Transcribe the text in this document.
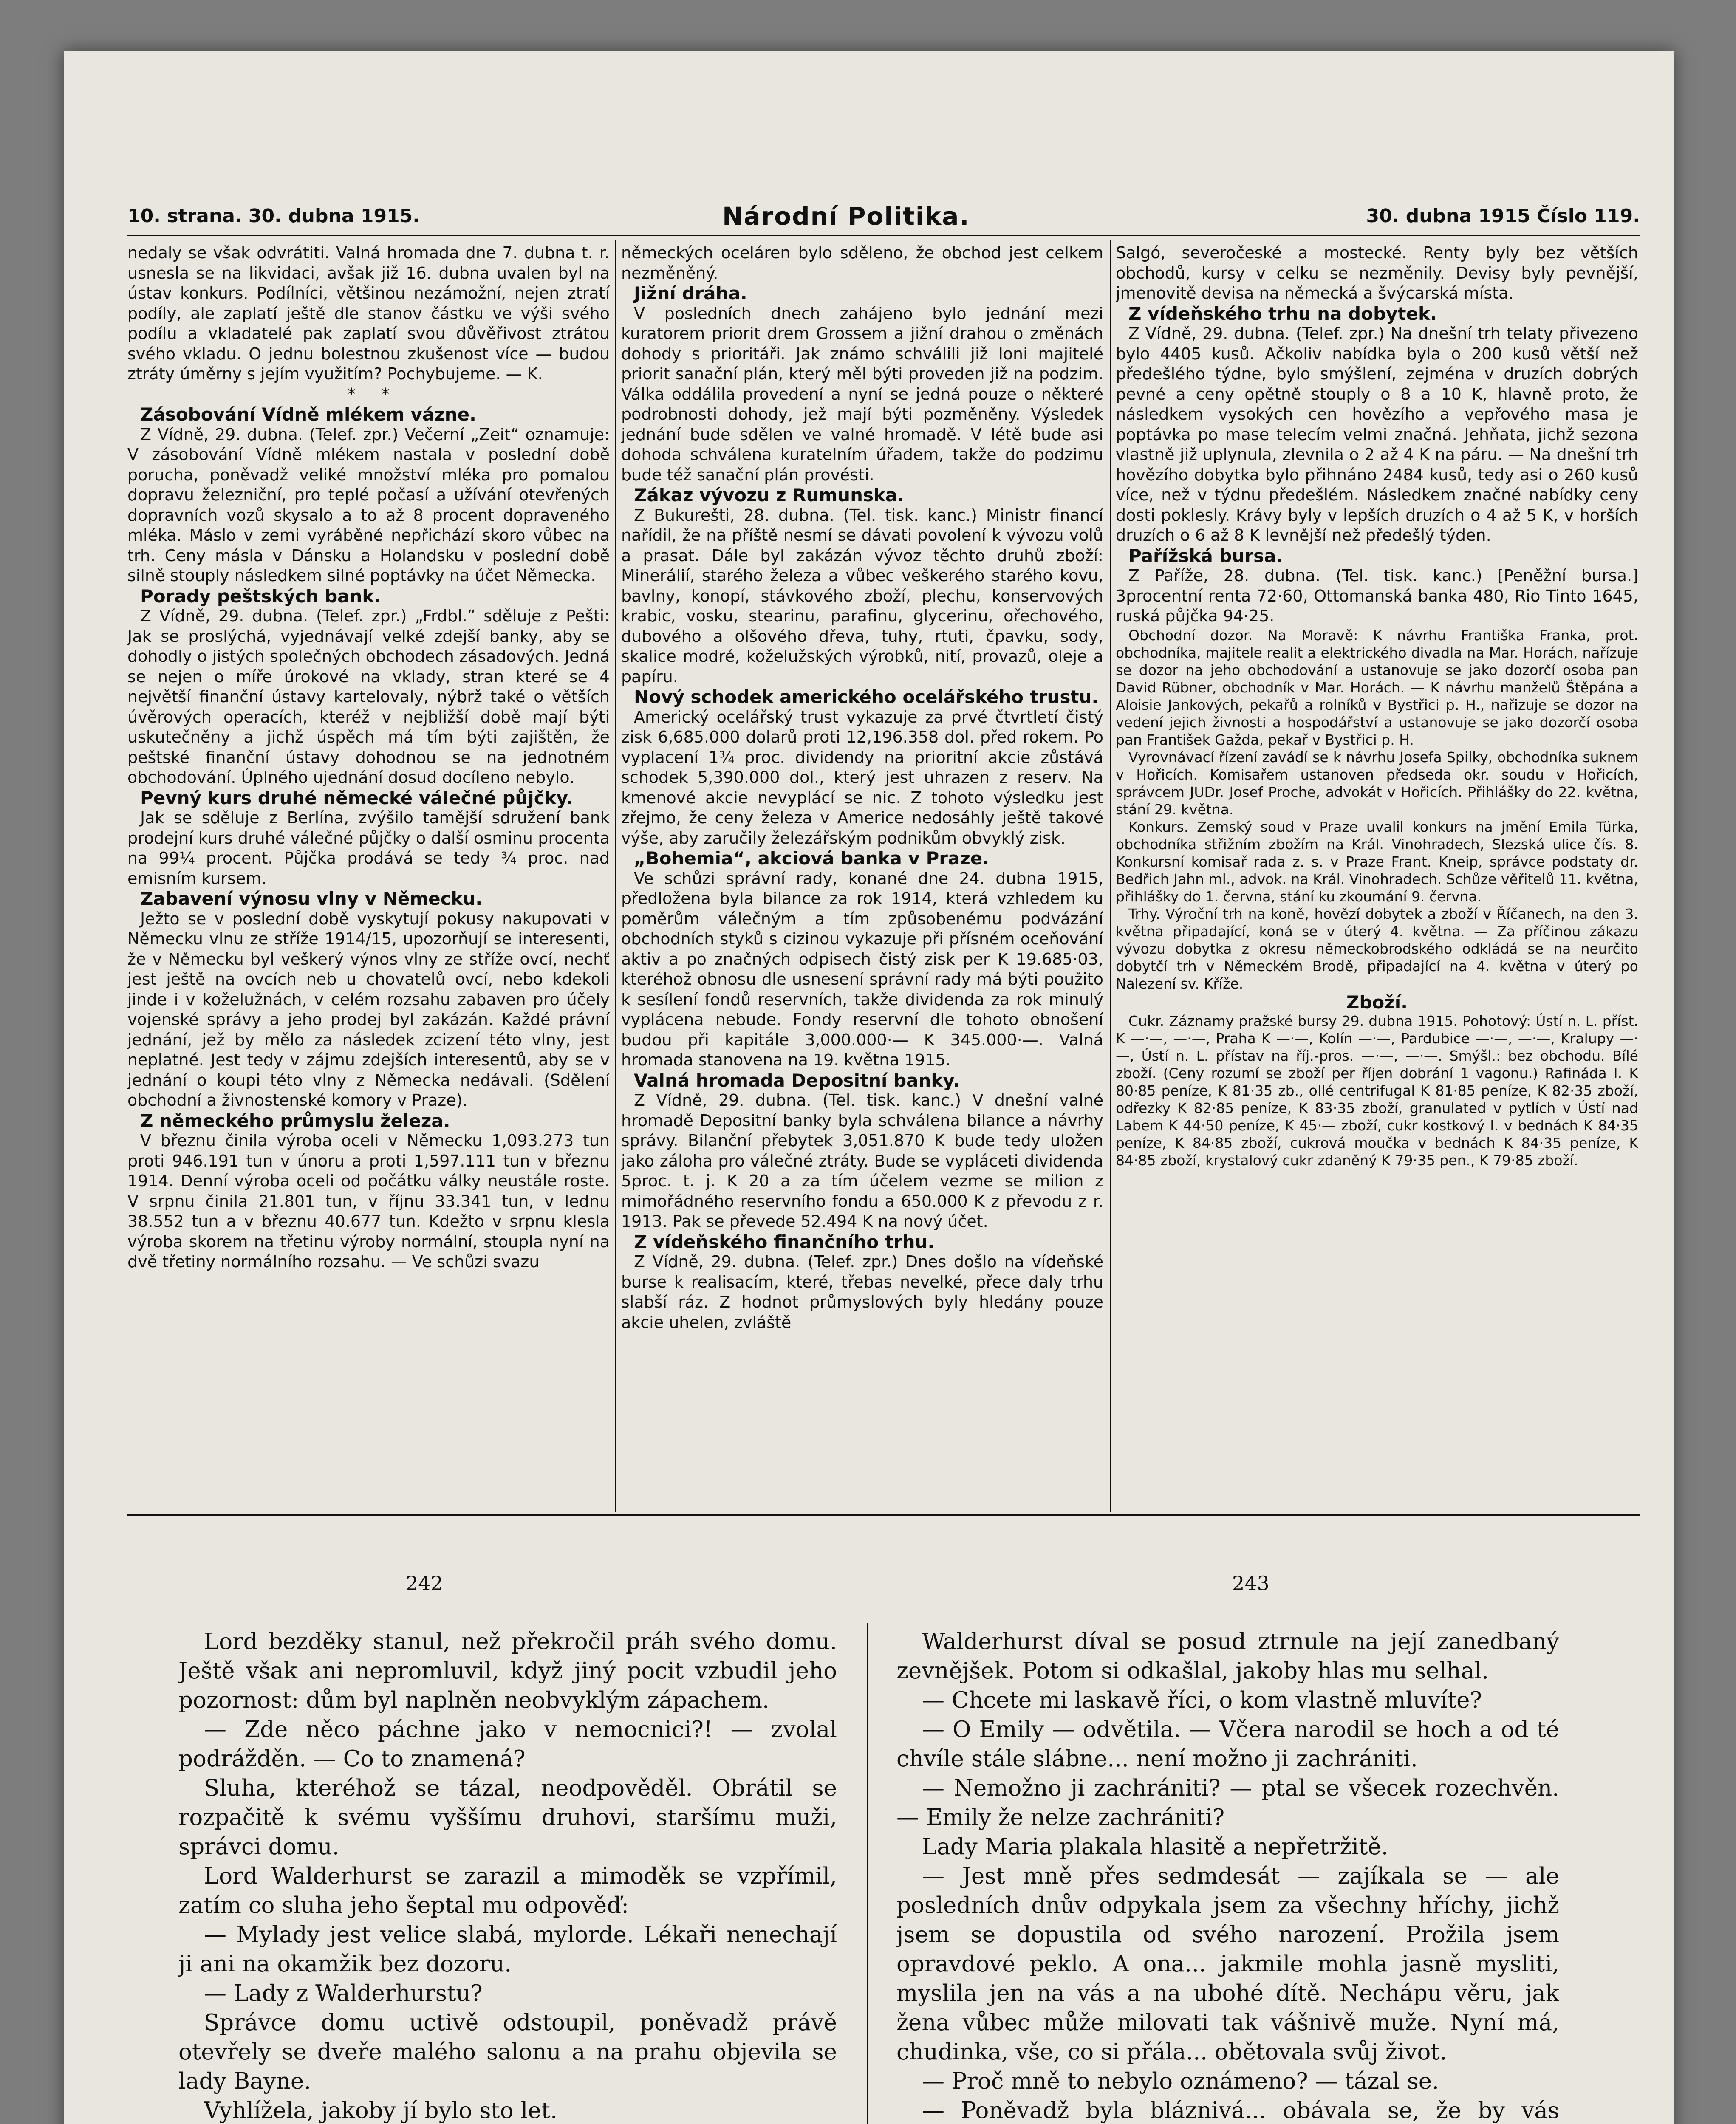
10. strana. 30. dubna 1915.	Národní Politika.	30. dubna 1915 Číslo 119.

nedaly se však odvrátiti. Valná hromada dne 7. dubna t. r. usnesla se na likvidaci, avšak již 16. dubna uvalen byl na ústav konkurs. Podílníci, většinou nezámožní, nejen ztratí podíly, ale zaplatí ještě dle stanov částku ve výši svého podílu a vkladatelé pak zaplatí svou důvěřivost ztrátou svého vkladu. O jednu bolestnou zkušenost více — budou ztráty úměrny s jejím využitím? Pochybujeme. — K.

*     *

Zásobování Vídně mlékem vázne.

Z Vídně, 29. dubna. (Telef. zpr.) Večerní „Zeit“ oznamuje: V zásobování Vídně mlékem nastala v poslední době porucha, poněvadž veliké množství mléka pro pomalou dopravu železniční, pro teplé počasí a užívání otevřených dopravních vozů skysalo a to až 8 procent dopraveného mléka. Máslo v zemi vyráběné nepřichází skoro vůbec na trh. Ceny másla v Dánsku a Holandsku v poslední době silně stouply následkem silné poptávky na účet Německa.

Porady peštských bank.

Z Vídně, 29. dubna. (Telef. zpr.) „Frdbl.“ sděluje z Pešti: Jak se proslýchá, vyjednávají velké zdejší banky, aby se dohodly o jistých společných obchodech zásadových. Jedná se nejen o míře úrokové na vklady, stran které se 4 největší finanční ústavy kartelovaly, nýbrž také o větších úvěrových operacích, kteréž v nejbližší době mají býti uskutečněny a jichž úspěch má tím býti zajištěn, že peštské finanční ústavy dohodnou se na jednotném obchodování. Úplného ujednání dosud docíleno nebylo.

Pevný kurs druhé německé válečné půjčky.

Jak se sděluje z Berlína, zvýšilo tamější sdružení bank prodejní kurs druhé válečné půjčky o další osminu procenta na 99¼ procent. Půjčka prodává se tedy ¾ proc. nad emisním kursem.

Zabavení výnosu vlny v Německu.

Ježto se v poslední době vyskytují pokusy nakupovati v Německu vlnu ze stříže 1914/15, upozorňují se interesenti, že v Německu byl veškerý výnos vlny ze stříže ovcí, nechť jest ještě na ovcích neb u chovatelů ovcí, nebo kdekoli jinde i v koželužnách, v celém rozsahu zabaven pro účely vojenské správy a jeho prodej byl zakázán. Každé právní jednání, jež by mělo za následek zcizení této vlny, jest neplatné. Jest tedy v zájmu zdejších interesentů, aby se v jednání o koupi této vlny z Německa nedávali. (Sdělení obchodní a živnostenské komory v Praze).

Z německého průmyslu železa.

V březnu činila výroba oceli v Německu 1,093.273 tun proti 946.191 tun v únoru a proti 1,597.111 tun v březnu 1914. Denní výroba oceli od počátku války neustále roste. V srpnu činila 21.801 tun, v říjnu 33.341 tun, v lednu 38.552 tun a v březnu 40.677 tun. Kdežto v srpnu klesla výroba skorem na třetinu výroby normální, stoupla nyní na dvě třetiny normálního rozsahu. — Ve schůzi svazu

německých oceláren bylo sděleno, že obchod jest celkem nezměněný.

Jižní dráha.

V posledních dnech zahájeno bylo jednání mezi kuratorem priorit drem Grossem a jižní drahou o změnách dohody s prioritáři. Jak známo schválili již loni majitelé priorit sanační plán, který měl býti proveden již na podzim. Válka oddálila provedení a nyní se jedná pouze o některé podrobnosti dohody, jež mají býti pozměněny. Výsledek jednání bude sdělen ve valné hromadě. V létě bude asi dohoda schválena kuratelním úřadem, takže do podzimu bude též sanační plán provésti.

Zákaz vývozu z Rumunska.

Z Bukurešti, 28. dubna. (Tel. tisk. kanc.) Ministr financí nařídil, že na příště nesmí se dávati povolení k vývozu volů a prasat. Dále byl zakázán vývoz těchto druhů zboží: Minerálií, starého železa a vůbec veškerého starého kovu, bavlny, konopí, stávkového zboží, plechu, konservových krabic, vosku, stearinu, parafinu, glycerinu, ořechového, dubového a olšového dřeva, tuhy, rtuti, čpavku, sody, skalice modré, koželužských výrobků, nití, provazů, oleje a papíru.

Nový schodek amerického ocelářského trustu.

Americký ocelářský trust vykazuje za prvé čtvrtletí čistý zisk 6,685.000 dolarů proti 12,196.358 dol. před rokem. Po vyplacení 1¾ proc. dividendy na prioritní akcie zůstává schodek 5,390.000 dol., který jest uhrazen z reserv. Na kmenové akcie nevyplácí se nic. Z tohoto výsledku jest zřejmo, že ceny železa v Americe nedosáhly ještě takové výše, aby zaručily železářským podnikům obvyklý zisk.

„Bohemia“, akciová banka v Praze.

Ve schůzi správní rady, konané dne 24. dubna 1915, předložena byla bilance za rok 1914, která vzhledem ku poměrům válečným a tím způsobenému podvázání obchodních styků s cizinou vykazuje při přísném oceňování aktiv a po značných odpisech čistý zisk per K 19.685·03, kteréhož obnosu dle usnesení správní rady má býti použito k sesílení fondů reservních, takže dividenda za rok minulý vyplácena nebude. Fondy reservní dle tohoto obnošení budou při kapitále 3,000.000·— K 345.000·—. Valná hromada stanovena na 19. května 1915.

Valná hromada Depositní banky.

Z Vídně, 29. dubna. (Tel. tisk. kanc.) V dnešní valné hromadě Depositní banky byla schválena bilance a návrhy správy. Bilanční přebytek 3,051.870 K bude tedy uložen jako záloha pro válečné ztráty. Bude se vypláceti dividenda 5proc. t. j. K 20 a za tím účelem vezme se milion z mimořádného reservního fondu a 650.000 K z převodu z r. 1913. Pak se převede 52.494 K na nový účet.

Z vídeňského finančního trhu.

Z Vídně, 29. dubna. (Telef. zpr.) Dnes došlo na vídeňské burse k realisacím, které, třebas nevelké, přece daly trhu slabší ráz. Z hodnot průmyslových byly hledány pouze akcie uhelen, zvláště

Salgó, severočeské a mostecké. Renty byly bez větších obchodů, kursy v celku se nezměnily. Devisy byly pevnější, jmenovitě devisa na německá a švýcarská místa.

Z vídeňského trhu na dobytek.

Z Vídně, 29. dubna. (Telef. zpr.) Na dnešní trh telaty přivezeno bylo 4405 kusů. Ačkoliv nabídka byla o 200 kusů větší než předešlého týdne, bylo smýšlení, zejména v druzích dobrých pevné a ceny opětně stouply o 8 a 10 K, hlavně proto, že následkem vysokých cen hovězího a vepřového masa je poptávka po mase telecím velmi značná. Jehňata, jichž sezona vlastně již uplynula, zlevnila o 2 až 4 K na páru. — Na dnešní trh hovězího dobytka bylo přihnáno 2484 kusů, tedy asi o 260 kusů více, než v týdnu předešlém. Následkem značné nabídky ceny dosti poklesly. Krávy byly v lepších druzích o 4 až 5 K, v horších druzích o 6 až 8 K levnější než předešlý týden.

Pařížská bursa.

Z Paříže, 28. dubna. (Tel. tisk. kanc.) [Peněžní bursa.] 3procentní renta 72·60, Ottomanská banka 480, Rio Tinto 1645, ruská půjčka 94·25.

Obchodní dozor. Na Moravě: K návrhu Františka Franka, prot. obchodníka, majitele realit a elektrického divadla na Mar. Horách, nařízuje se dozor na jeho obchodování a ustanovuje se jako dozorčí osoba pan David Rübner, obchodník v Mar. Horách. — K návrhu manželů Štěpána a Aloisie Jankových, pekařů a rolníků v Bystřici p. H., nařizuje se dozor na vedení jejich živnosti a hospodářství a ustanovuje se jako dozorčí osoba pan František Gažda, pekař v Bystřici p. H.

Vyrovnávací řízení zavádí se k návrhu Josefa Spilky, obchodníka suknem v Hořicích. Komisařem ustanoven předseda okr. soudu v Hořicích, správcem JUDr. Josef Proche, advokát v Hořicích. Přihlášky do 22. května, stání 29. května.

Konkurs. Zemský soud v Praze uvalil konkurs na jmění Emila Türka, obchodníka střižním zbožím na Král. Vinohradech, Slezská ulice čís. 8. Konkursní komisař rada z. s. v Praze Frant. Kneip, správce podstaty dr. Bedřich Jahn ml., advok. na Král. Vinohradech. Schůze věřitelů 11. května, přihlášky do 1. června, stání ku zkoumání 9. června.

Trhy. Výroční trh na koně, hovězí dobytek a zboží v Říčanech, na den 3. května připadající, koná se v úterý 4. května. — Za příčinou zákazu vývozu dobytka z okresu německobrodského odkládá se na neurčito dobytčí trh v Německém Brodě, připadající na 4. května v úterý po Nalezení sv. Kříže.

Zboží.

Cukr. Záznamy pražské bursy 29. dubna 1915. Pohotový: Ústí n. L. příst. K —·—, —·—, Praha K —·—, Kolín —·—, Pardubice —·—, —·—, Kralupy —·—, Ústí n. L. přístav na říj.-pros. —·—, —·—. Smýšl.: bez obchodu. Bílé zboží. (Ceny rozumí se zboží per říjen dobrání 1 vagonu.) Rafináda I. K 80·85 peníze, K 81·35 zb., ollé centrifugal K 81·85 peníze, K 82·35 zboží, odřezky K 82·85 peníze, K 83·35 zboží, granulated v pytlích v Ústí nad Labem K 44·50 peníze, K 45·— zboží, cukr kostkový I. v bednách K 84·35 peníze, K 84·85 zboží, cukrová moučka v bednách K 84·35 peníze, K 84·85 zboží, krystalový cukr zdaněný K 79·35 pen., K 79·85 zboží.

242	243

Lord bezděky stanul, než překročil práh svého domu. Ještě však ani nepromluvil, když jiný pocit vzbudil jeho pozornost: dům byl naplněn neobvyklým zápachem.

— Zde něco páchne jako v nemocnici?! — zvolal podrážděn. — Co to znamená?

Sluha, kteréhož se tázal, neodpověděl. Obrátil se rozpačitě k svému vyššímu druhovi, staršímu muži, správci domu.

Lord Walderhurst se zarazil a mimoděk se vzpřímil, zatím co sluha jeho šeptal mu odpověď:

— Mylady jest velice slabá, mylorde. Lékaři nenechají ji ani na okamžik bez dozoru.

— Lady z Walderhurstu?

Správce domu uctivě odstoupil, poněvadž právě otevřely se dveře malého salonu a na prahu objevila se lady Bayne.

Vyhlížela, jakoby jí bylo sto let.

Walderhurst díval se posud ztrnule na její zanedbaný zevnějšek. Potom si odkašlal, jakoby hlas mu selhal.

— Chcete mi laskavě říci, o kom vlastně mluvíte?

— O Emily — odvětila. — Včera narodil se hoch a od té chvíle stále slábne... není možno ji zachrániti.

— Nemožno ji zachrániti? — ptal se všecek rozechvěn. — Emily že nelze zachrániti?

Lady Maria plakala hlasitě a nepřetržitě.

— Jest mně přes sedmdesát — zajíkala se — ale posledních dnův odpykala jsem za všechny hříchy, jichž jsem se dopustila od svého narození. Prožila jsem opravdové peklo. A ona... jakmile mohla jasně mysliti, myslila jen na vás a na ubohé dítě. Nechápu věru, jak žena vůbec může milovati tak vášnivě muže. Nyní má, chudinka, vše, co si přála... obětovala svůj život.

— Proč mně to nebylo oznámeno? — tázal se.

— Poněvadž byla bláznivá... obávala se, že by vás
